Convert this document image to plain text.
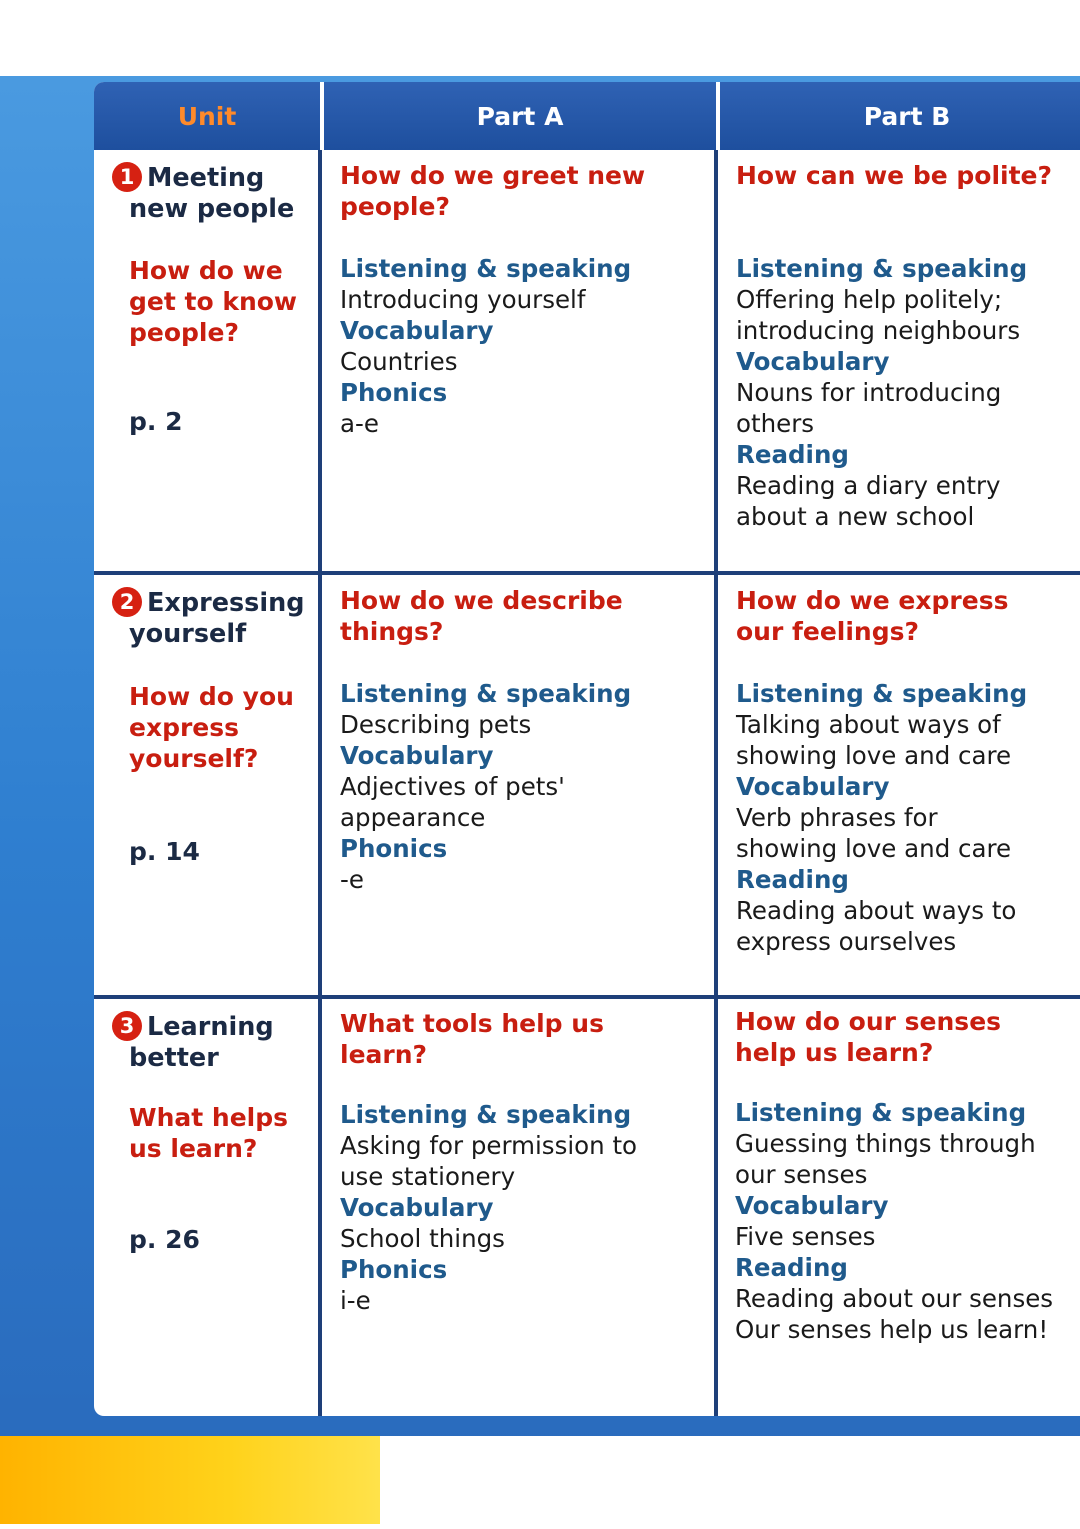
Unit	Part A	Part B
1 Meeting
new people
How do we
get to know
people?
p. 2
How do we greet new
people?
Listening & speaking
Introducing yourself
Vocabulary
Countries
Phonics
a-e
How can we be polite?
Listening & speaking
Offering help politely;
introducing neighbours
Vocabulary
Nouns for introducing
others
Reading
Reading a diary entry
about a new school
2 Expressing
yourself
How do you
express
yourself?
p. 14
How do we describe
things?
Listening & speaking
Describing pets
Vocabulary
Adjectives of pets'
appearance
Phonics
-e
How do we express
our feelings?
Listening & speaking
Talking about ways of
showing love and care
Vocabulary
Verb phrases for
showing love and care
Reading
Reading about ways to
express ourselves
3 Learning
better
What helps
us learn?
p. 26
What tools help us
learn?
Listening & speaking
Asking for permission to
use stationery
Vocabulary
School things
Phonics
i-e
How do our senses
help us learn?
Listening & speaking
Guessing things through
our senses
Vocabulary
Five senses
Reading
Reading about our senses
Our senses help us learn!
